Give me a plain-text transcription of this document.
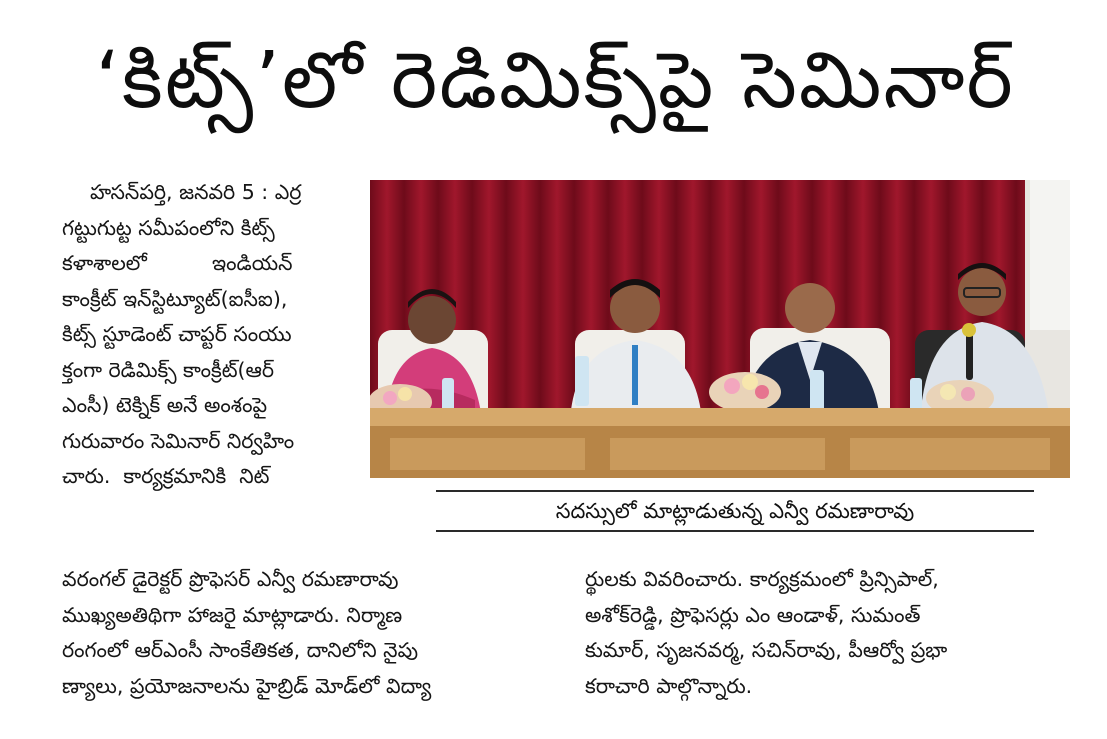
‘కిట్స్’లో రెడిమిక్స్‌పై సెమినార్
హసన్‌పర్తి, జనవరి 5 : ఎర్ర
గట్టుగుట్ట సమీపంలోని కిట్స్
కళాశాలలో          ఇండియన్
కాంక్రీట్ ఇన్‌స్టిట్యూట్(ఐసీఐ),
కిట్స్ స్టూడెంట్ చాప్టర్ సంయు
క్తంగా రెడిమిక్స్ కాంక్రీట్(ఆర్
ఎంసీ) టెక్నిక్ అనే అంశంపై
గురువారం సెమినార్ నిర్వహిం
చారు.  కార్యక్రమానికి  నిట్
సదస్సులో మాట్లాడుతున్న ఎన్వీ రమణారావు
వరంగల్ డైరెక్టర్ ప్రొఫెసర్ ఎన్వీ రమణారావు
ముఖ్యఅతిథిగా హాజరై మాట్లాడారు. నిర్మాణ
రంగంలో ఆర్ఎంసీ సాంకేతికత, దానిలోని నైపు
ణ్యాలు, ప్రయోజనాలను హైబ్రిడ్ మోడ్‌లో విద్యా
ర్థులకు వివరించారు. కార్యక్రమంలో ప్రిన్సిపాల్,
అశోక్‌రెడ్డి, ప్రొఫెసర్లు ఎం ఆండాళ్, సుమంత్
కుమార్, సృజనవర్మ, సచిన్‌రావు, పీఆర్వో ప్రభా
కరాచారి పాల్గొన్నారు.
